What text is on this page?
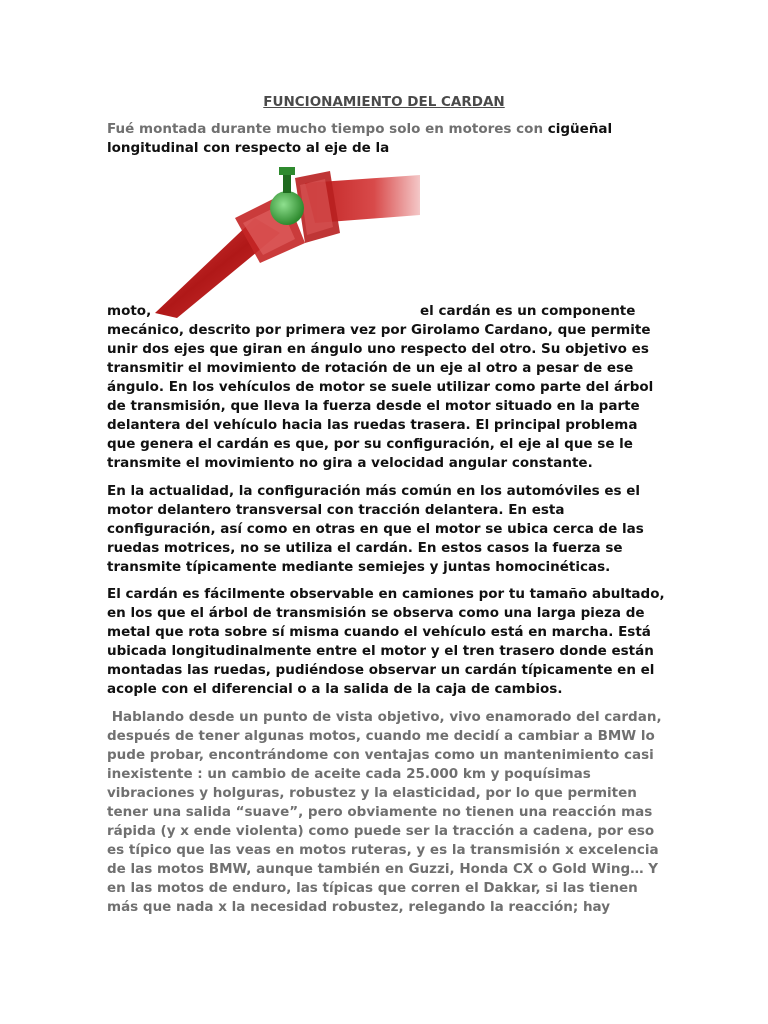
FUNCIONAMIENTO DEL CARDAN
Fué montada durante mucho tiempo solo en motores con cigüeñal
longitudinal con respecto al eje de la
moto,	el cardán es un componente
mecánico, descrito por primera vez por Girolamo Cardano, que permite
unir dos ejes que giran en ángulo uno respecto del otro. Su objetivo es
transmitir el movimiento de rotación de un eje al otro a pesar de ese
ángulo. En los vehículos de motor se suele utilizar como parte del árbol
de transmisión, que lleva la fuerza desde el motor situado en la parte
delantera del vehículo hacia las ruedas trasera. El principal problema
que genera el cardán es que, por su configuración, el eje al que se le
transmite el movimiento no gira a velocidad angular constante.
En la actualidad, la configuración más común en los automóviles es el
motor delantero transversal con tracción delantera. En esta
configuración, así como en otras en que el motor se ubica cerca de las
ruedas motrices, no se utiliza el cardán. En estos casos la fuerza se
transmite típicamente mediante semiejes y juntas homocinéticas.
El cardán es fácilmente observable en camiones por tu tamaño abultado,
en los que el árbol de transmisión se observa como una larga pieza de
metal que rota sobre sí misma cuando el vehículo está en marcha. Está
ubicada longitudinalmente entre el motor y el tren trasero donde están
montadas las ruedas, pudiéndose observar un cardán típicamente en el
acople con el diferencial o a la salida de la caja de cambios.
Hablando desde un punto de vista objetivo, vivo enamorado del cardan,
después de tener algunas motos, cuando me decidí a cambiar a BMW lo
pude probar, encontrándome con ventajas como un mantenimiento casi
inexistente : un cambio de aceite cada 25.000 km y poquísimas
vibraciones y holguras, robustez y la elasticidad, por lo que permiten
tener una salida “suave”, pero obviamente no tienen una reacción mas
rápida (y x ende violenta) como puede ser la tracción a cadena, por eso
es típico que las veas en motos ruteras, y es la transmisión x excelencia
de las motos BMW, aunque también en Guzzi, Honda CX o Gold Wing… Y
en las motos de enduro, las típicas que corren el Dakkar, si las tienen
más que nada x la necesidad robustez, relegando la reacción; hay
